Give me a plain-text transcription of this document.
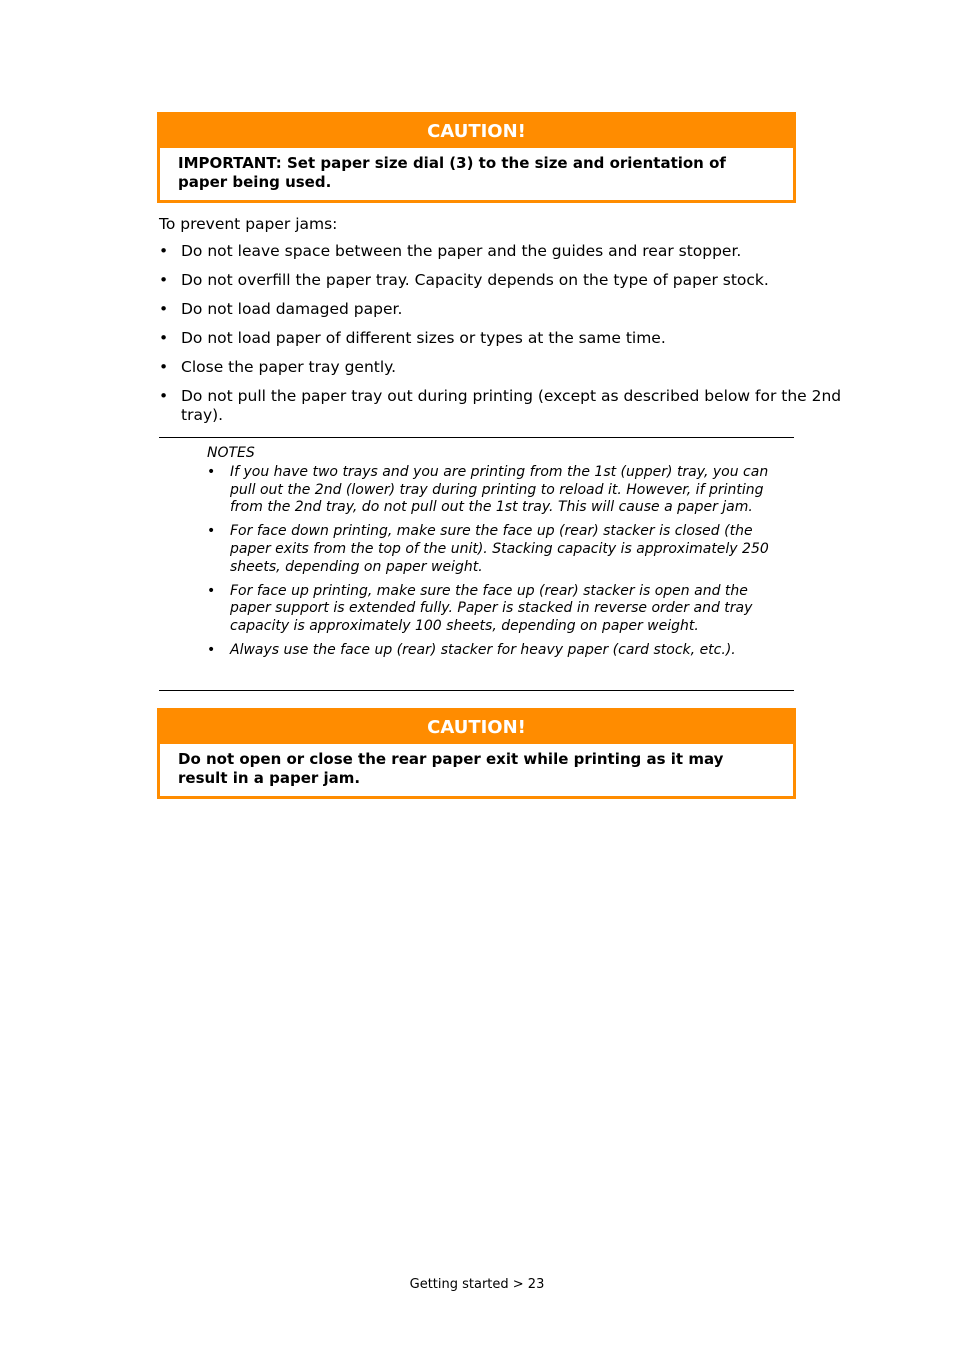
CAUTION!
IMPORTANT: Set paper size dial (3) to the size and orientation of paper being used.
To prevent paper jams:
• Do not leave space between the paper and the guides and rear stopper.
• Do not overfill the paper tray. Capacity depends on the type of paper stock.
• Do not load damaged paper.
• Do not load paper of different sizes or types at the same time.
• Close the paper tray gently.
• Do not pull the paper tray out during printing (except as described below for the 2nd tray).
NOTES
• If you have two trays and you are printing from the 1st (upper) tray, you can pull out the 2nd (lower) tray during printing to reload it. However, if printing from the 2nd tray, do not pull out the 1st tray. This will cause a paper jam.
• For face down printing, make sure the face up (rear) stacker is closed (the paper exits from the top of the unit). Stacking capacity is approximately 250 sheets, depending on paper weight.
• For face up printing, make sure the face up (rear) stacker is open and the paper support is extended fully. Paper is stacked in reverse order and tray capacity is approximately 100 sheets, depending on paper weight.
• Always use the face up (rear) stacker for heavy paper (card stock, etc.).
CAUTION!
Do not open or close the rear paper exit while printing as it may result in a paper jam.
Getting started > 23
